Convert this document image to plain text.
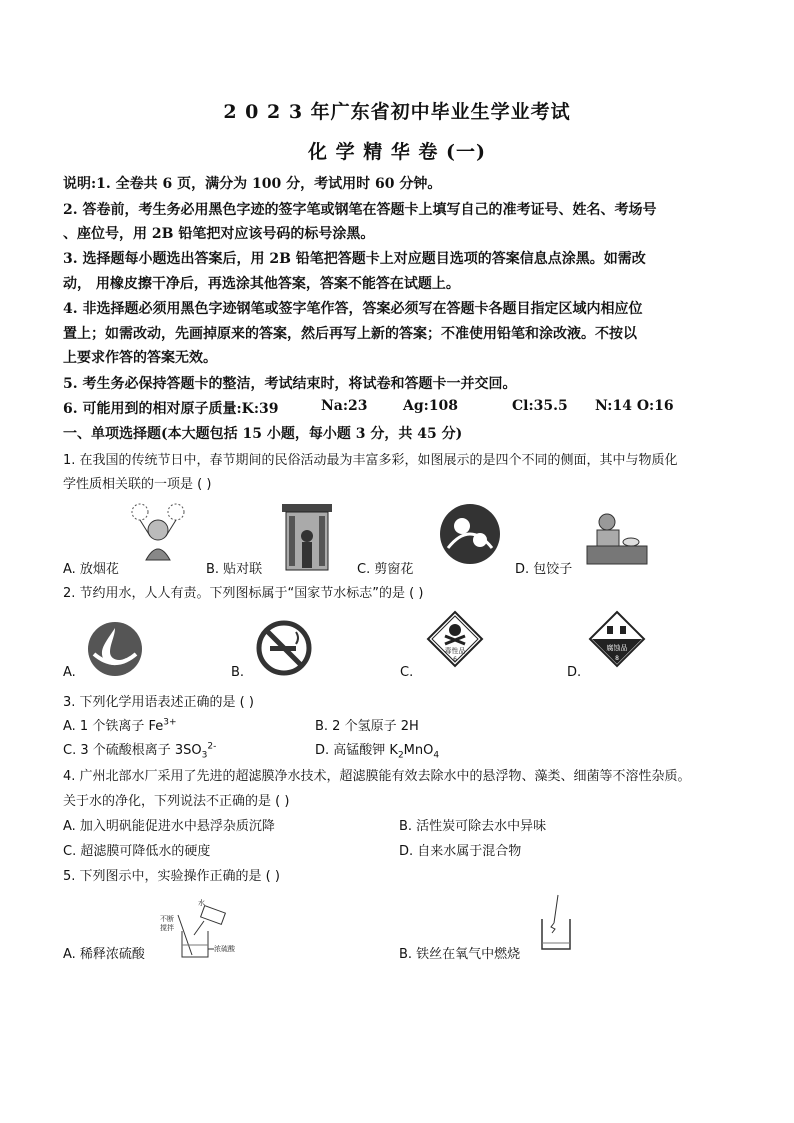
2 0 2 3 年广东省初中毕业生学业考试
化 学 精 华 卷 (一)
说明:1. 全卷共 6 页，满分为 100 分，考试用时 60 分钟。
2. 答卷前，考生务必用黑色字迹的签字笔或钢笔在答题卡上填写自己的准考证号、姓名、考场号
、座位号，用 2B 铅笔把对应该号码的标号涂黑。
3. 选择题每小题选出答案后，用 2B 铅笔把答题卡上对应题目选项的答案信息点涂黑。如需改
动， 用橡皮擦干净后，再选涂其他答案，答案不能答在试题上。
4. 非选择题必须用黑色字迹钢笔或签字笔作答，答案必须写在答题卡各题目指定区域内相应位
置上；如需改动，先画掉原来的答案，然后再写上新的答案；不准使用铅笔和涂改液。不按以
上要求作答的答案无效。
5. 考生务必保持答题卡的整洁，考试结束时，将试卷和答题卡一并交回。
6. 可能用到的相对原子质量:K:39	Na:23	Ag:108	Cl:35.5 N:14 O:16
一、单项选择题(本大题包括 15 小题，每小题 3 分，共 45 分)
1. 在我国的传统节日中，春节期间的民俗活动最为丰富多彩，如图展示的是四个不同的侧面，其中与物质化
学性质相关联的一项是 ( )
A. 放烟花	B. 贴对联	C. 剪窗花	D. 包饺子
2. 节约用水，人人有责。下列图标属于“国家节水标志”的是 ( )
毒性品
6
腐蚀品
8
A.	B.	C.	D.
3. 下列化学用语表述正确的是 ( )
A. 1 个铁离子 $Fe^{3+}$	B. 2 个氢原子 2H
C. 3 个硫酸根离子 $3SO_3^{2-}$	D. 高锰酸钾 $K_2MnO_4$
4. 广州北部水厂采用了先进的超滤膜净水技术，超滤膜能有效去除水中的悬浮物、藻类、细菌等不溶性杂质。
关于水的净化，下列说法不正确的是 ( )
A. 加入明矾能促进水中悬浮杂质沉降	B. 活性炭可除去水中异味
C. 超滤膜可降低水的硬度	D. 自来水属于混合物
5. 下列图示中，实验操作正确的是 ( )
水
不断
搅拌
浓硫酸
A. 稀释浓硫酸	B. 铁丝在氧气中燃烧
